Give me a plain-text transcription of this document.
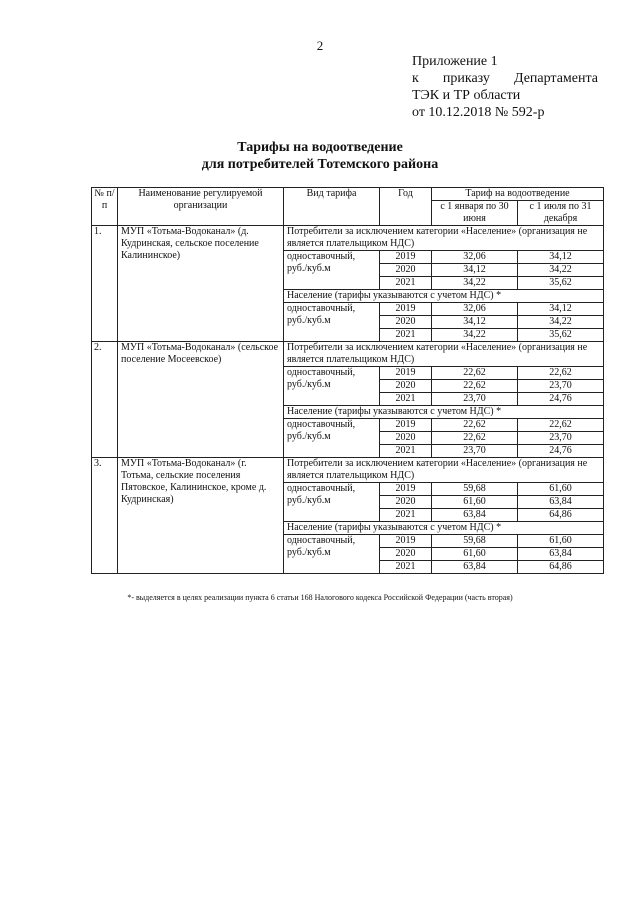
2
Приложение 1
к приказу Департамента
ТЭК и ТР области
от 10.12.2018 № 592-р
Тарифы на водоотведение
для потребителей Тотемского района
№ п/п	Наименование регулируемой организации	Вид тарифа	Год	Тариф на водоотведение	
				с 1 января по 30 июня	с 1 июля по 31 декабря
1.	МУП «Тотьма-Водоканал» (д. Кудринская, сельское поселение Калининское)	Потребители за исключением категории «Население» (организация не является плательщиком НДС)			
		одноставочный, руб./куб.м	2019	32,06	34,12
			2020	34,12	34,22
			2021	34,22	35,62
		Население (тарифы указываются с учетом НДС) *			
		одноставочный, руб./куб.м	2019	32,06	34,12
			2020	34,12	34,22
			2021	34,22	35,62
2.	МУП «Тотьма-Водоканал» (сельское поселение Мосеевское)	Потребители за исключением категории «Население» (организация не является плательщиком НДС)			
		одноставочный, руб./куб.м	2019	22,62	22,62
			2020	22,62	23,70
			2021	23,70	24,76
		Население (тарифы указываются с учетом НДС) *			
		одноставочный, руб./куб.м	2019	22,62	22,62
			2020	22,62	23,70
			2021	23,70	24,76
3.	МУП «Тотьма-Водоканал» (г. Тотьма, сельские поселения Пятовское, Калининское, кроме д. Кудринская)	Потребители за исключением категории «Население» (организация не является плательщиком НДС)			
		одноставочный, руб./куб.м	2019	59,68	61,60
			2020	61,60	63,84
			2021	63,84	64,86
		Население (тарифы указываются с учетом НДС) *			
		одноставочный, руб./куб.м	2019	59,68	61,60
			2020	61,60	63,84
			2021	63,84	64,86
*- выделяется в целях реализации пункта 6 статьи 168 Налогового кодекса Российской Федерации (часть вторая)
